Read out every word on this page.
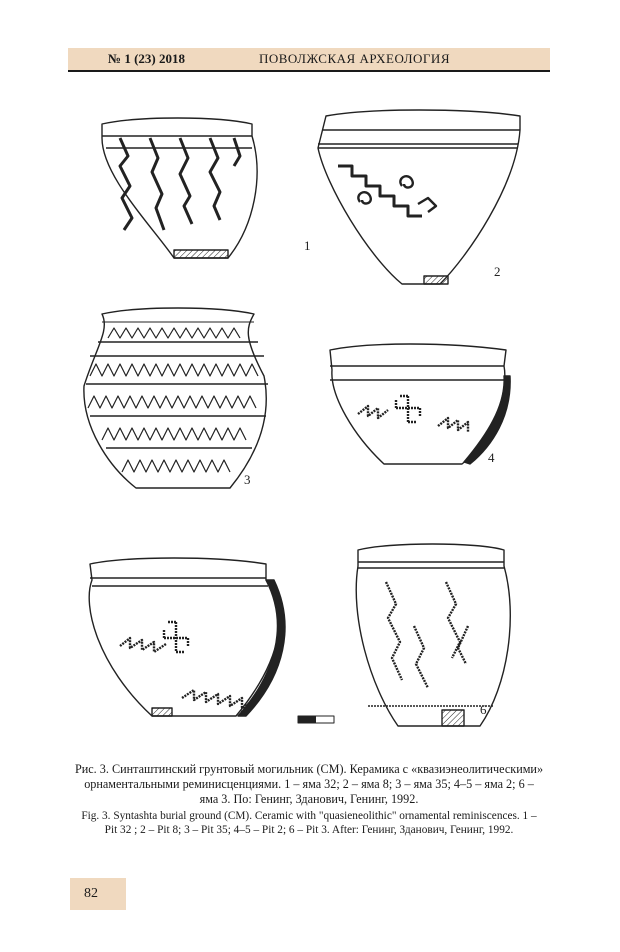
№ 1 (23) 2018	ПОВОЛЖСКАЯ АРХЕОЛОГИЯ
1
2
3
4
5	6

Рис. 3. Синташтинский грунтовый могильник (СМ). Керамика с «квазиэнеолитическими» орнаментальными реминисценциями. 1 – яма 32; 2 – яма 8; 3 – яма 35; 4–5 – яма 2; 6 – яма 3. По: Генинг, Зданович, Генинг, 1992.

Fig. 3. Syntashta burial ground (СМ). Ceramic with "quasieneolithic" ornamental reminiscences. 1 – Pit 32 ; 2 – Pit 8; 3 – Pit 35; 4–5 – Pit 2; 6 – Pit 3. After: Генинг, Зданович, Генинг, 1992.

82
